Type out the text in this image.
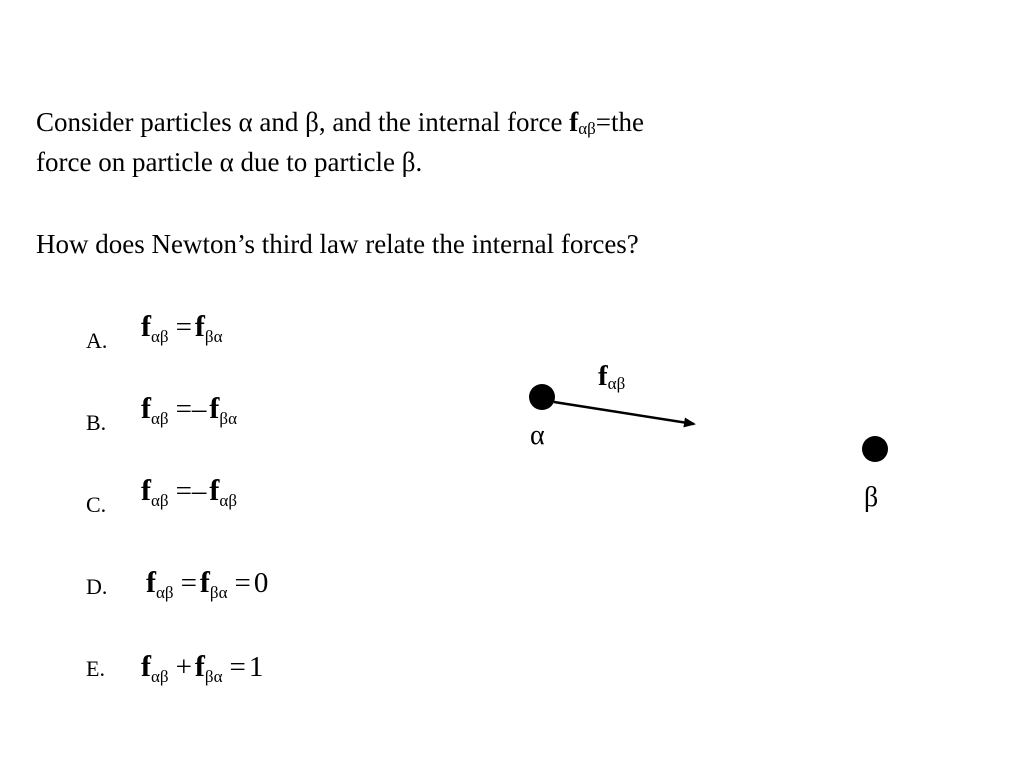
Consider particles α and β, and the internal force fαβ=the
force on particle α due to particle β.
How does Newton’s third law relate the internal forces?
A. $f_{\alpha\beta} = f_{\beta\alpha}$
B. $f_{\alpha\beta} =- f_{\beta\alpha}$
C. $f_{\alpha\beta} =- f_{\alpha\beta}$
D. $f_{\alpha\beta} = f_{\beta\alpha} = 0$
E. $f_{\alpha\beta} + f_{\beta\alpha} = 1$
fαβ
α
β
